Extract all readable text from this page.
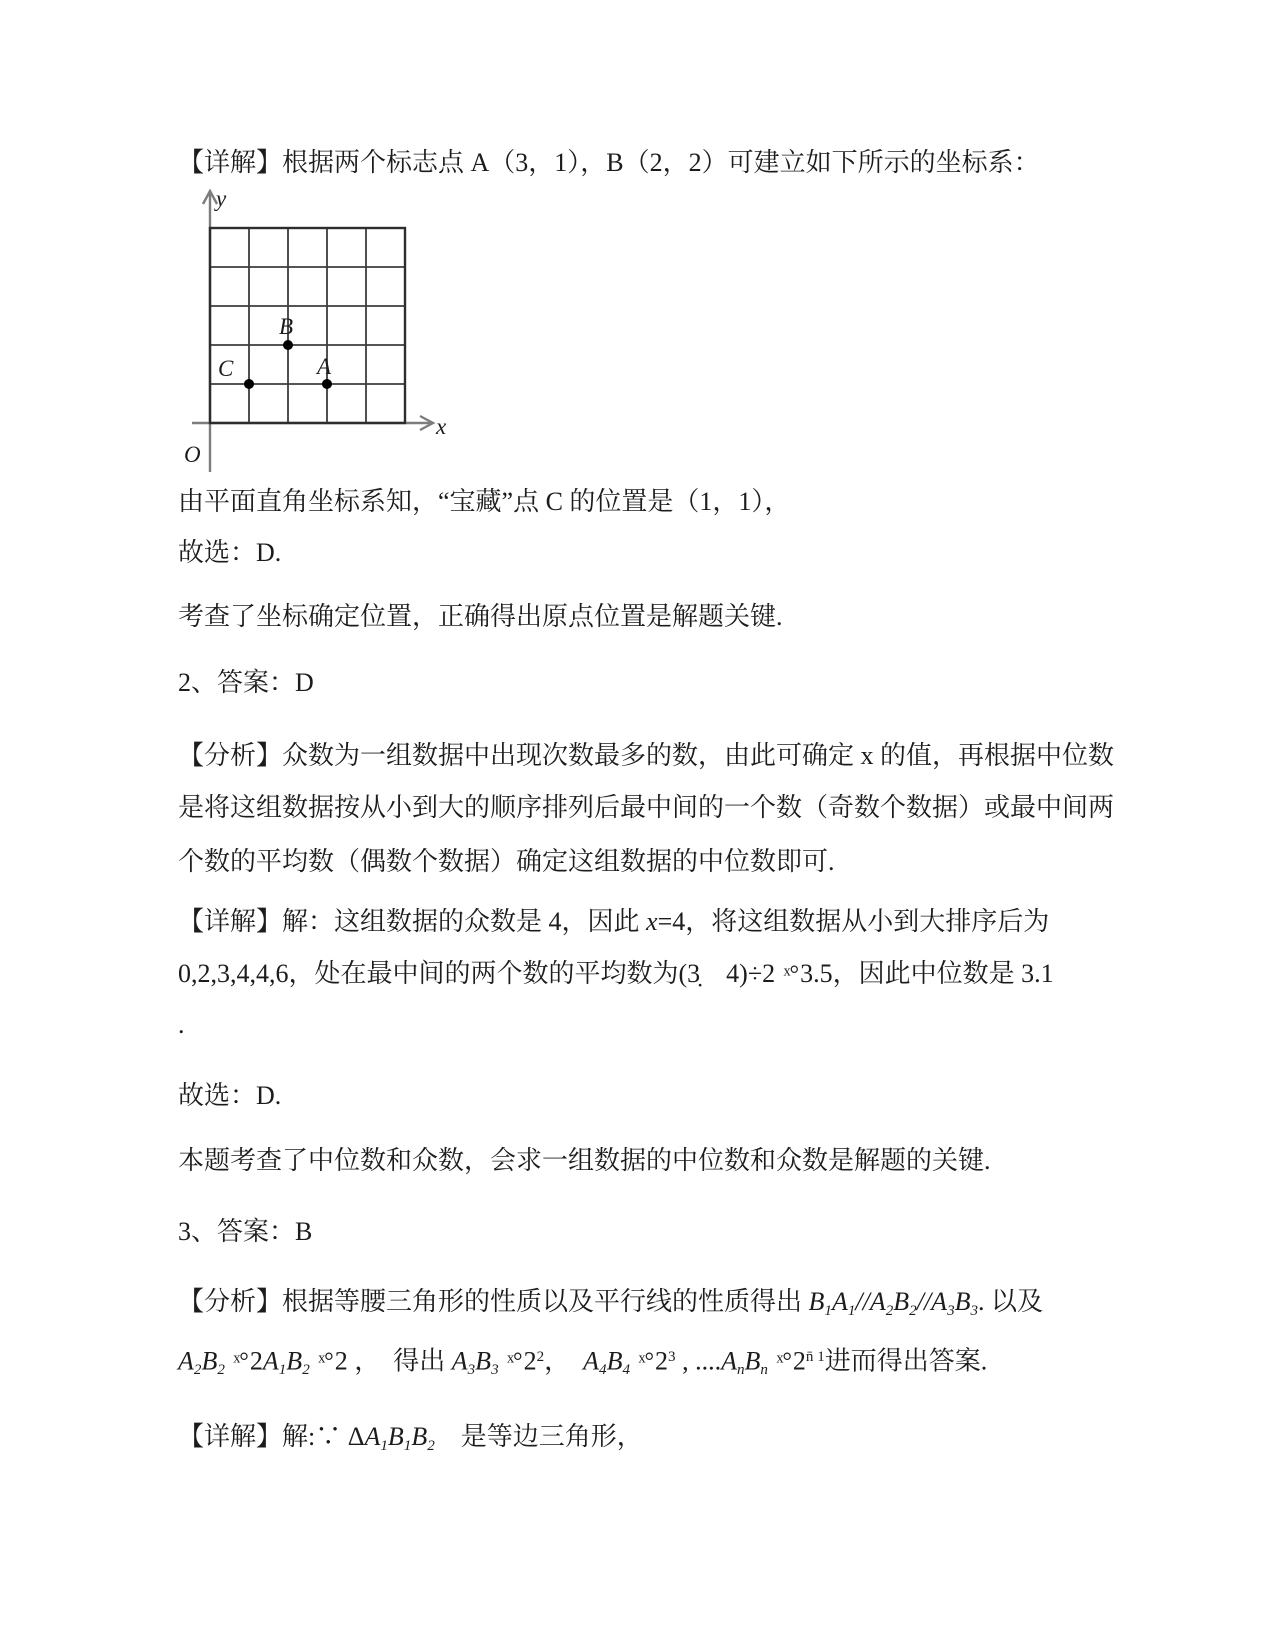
【详解】根据两个标志点 A（3，1），B（2，2）可建立如下所示的坐标系：
y
x
O
B
C	A
由平面直角坐标系知，“宝藏”点 C 的位置是（1，1），
故选：D.
考查了坐标确定位置，正确得出原点位置是解题关键.
2、答案：D
【分析】众数为一组数据中出现次数最多的数，由此可确定 x 的值，再根据中位数
是将这组数据按从小到大的顺序排列后最中间的一个数（奇数个数据）或最中间两
个数的平均数（偶数个数据）确定这组数据的中位数即可.
【详解】解：这组数据的众数是 4，因此 x=4，将这组数据从小到大排序后为
0,2,3,4,4,6，处在最中间的两个数的平均数为(3̣　4)÷2 ˣ°3.5，因此中位数是 3.1
.
故选：D.
本题考查了中位数和众数，会求一组数据的中位数和众数是解题的关键.
3、答案：B
【分析】根据等腰三角形的性质以及平行线的性质得出 $B_1A_1//A_2B_2//A_3B_3$. 以及
$A_2B_2$ $ˣ^\circ 2A_1B_2$ ˣ°2 ，  得出 $A_3B_3$ $ˣ^\circ 2^2$，  $A_4B_4$ $ˣ^\circ 2^3$ , $....A_nB_n$ $ˣ^\circ 2^{n̄ 1}$进而得出答案.
【详解】解:∵ $\Delta A_1B_1B_2$　是等边三角形，
